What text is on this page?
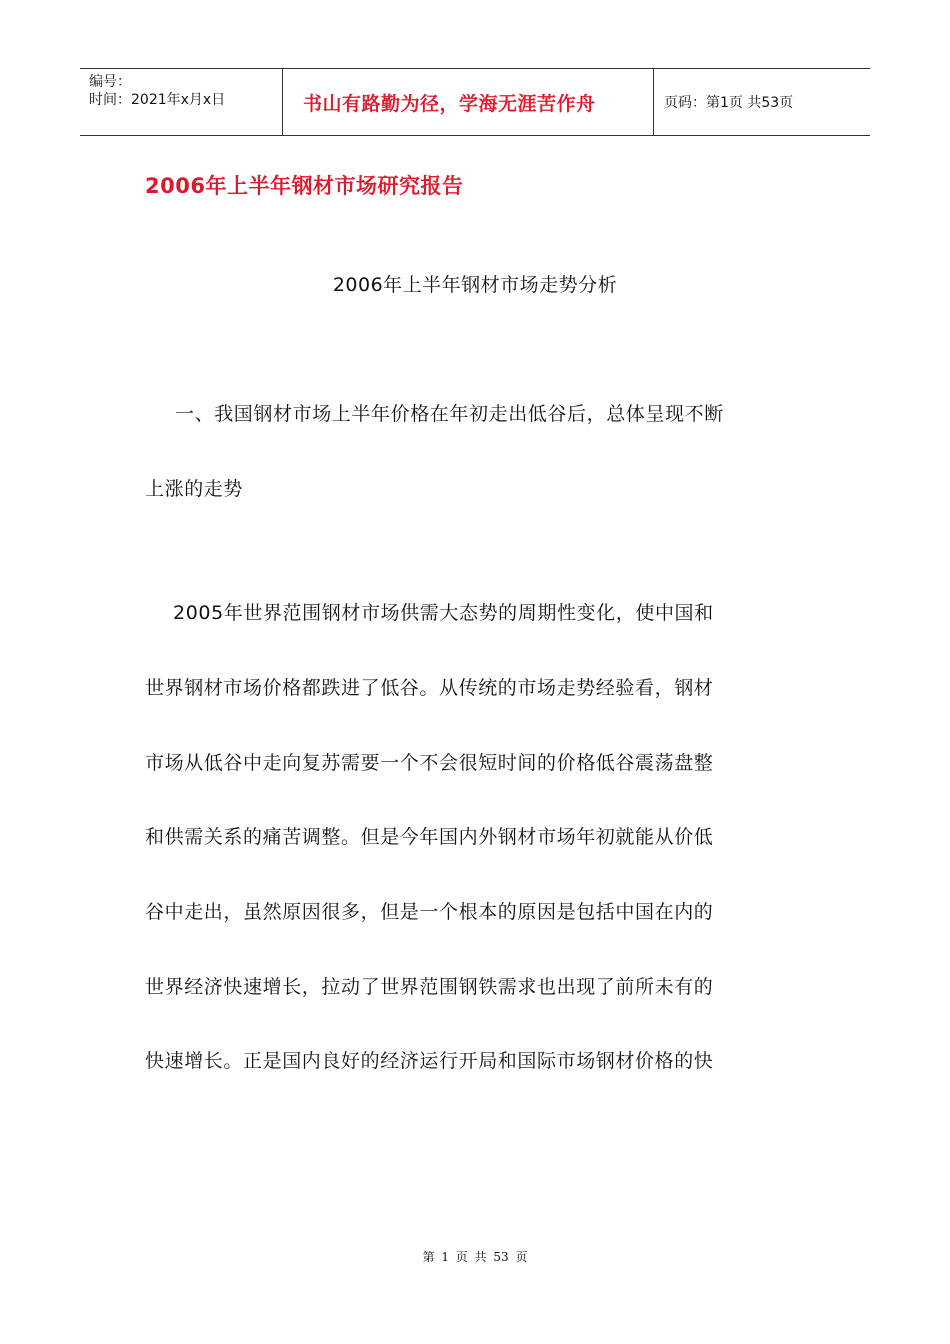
编号：
时间：2021年x月x日	书山有路勤为径，学海无涯苦作舟	页码：第1页 共53页
2006年上半年钢材市场研究报告
2006年上半年钢材市场走势分析
一、我国钢材市场上半年价格在年初走出低谷后，总体呈现不断
上涨的走势
2005年世界范围钢材市场供需大态势的周期性变化，使中国和
世界钢材市场价格都跌进了低谷。从传统的市场走势经验看，钢材
市场从低谷中走向复苏需要一个不会很短时间的价格低谷震荡盘整
和供需关系的痛苦调整。但是今年国内外钢材市场年初就能从价低
谷中走出，虽然原因很多，但是一个根本的原因是包括中国在内的
世界经济快速增长，拉动了世界范围钢铁需求也出现了前所未有的
快速增长。正是国内良好的经济运行开局和国际市场钢材价格的快
第 1 页 共 53 页
